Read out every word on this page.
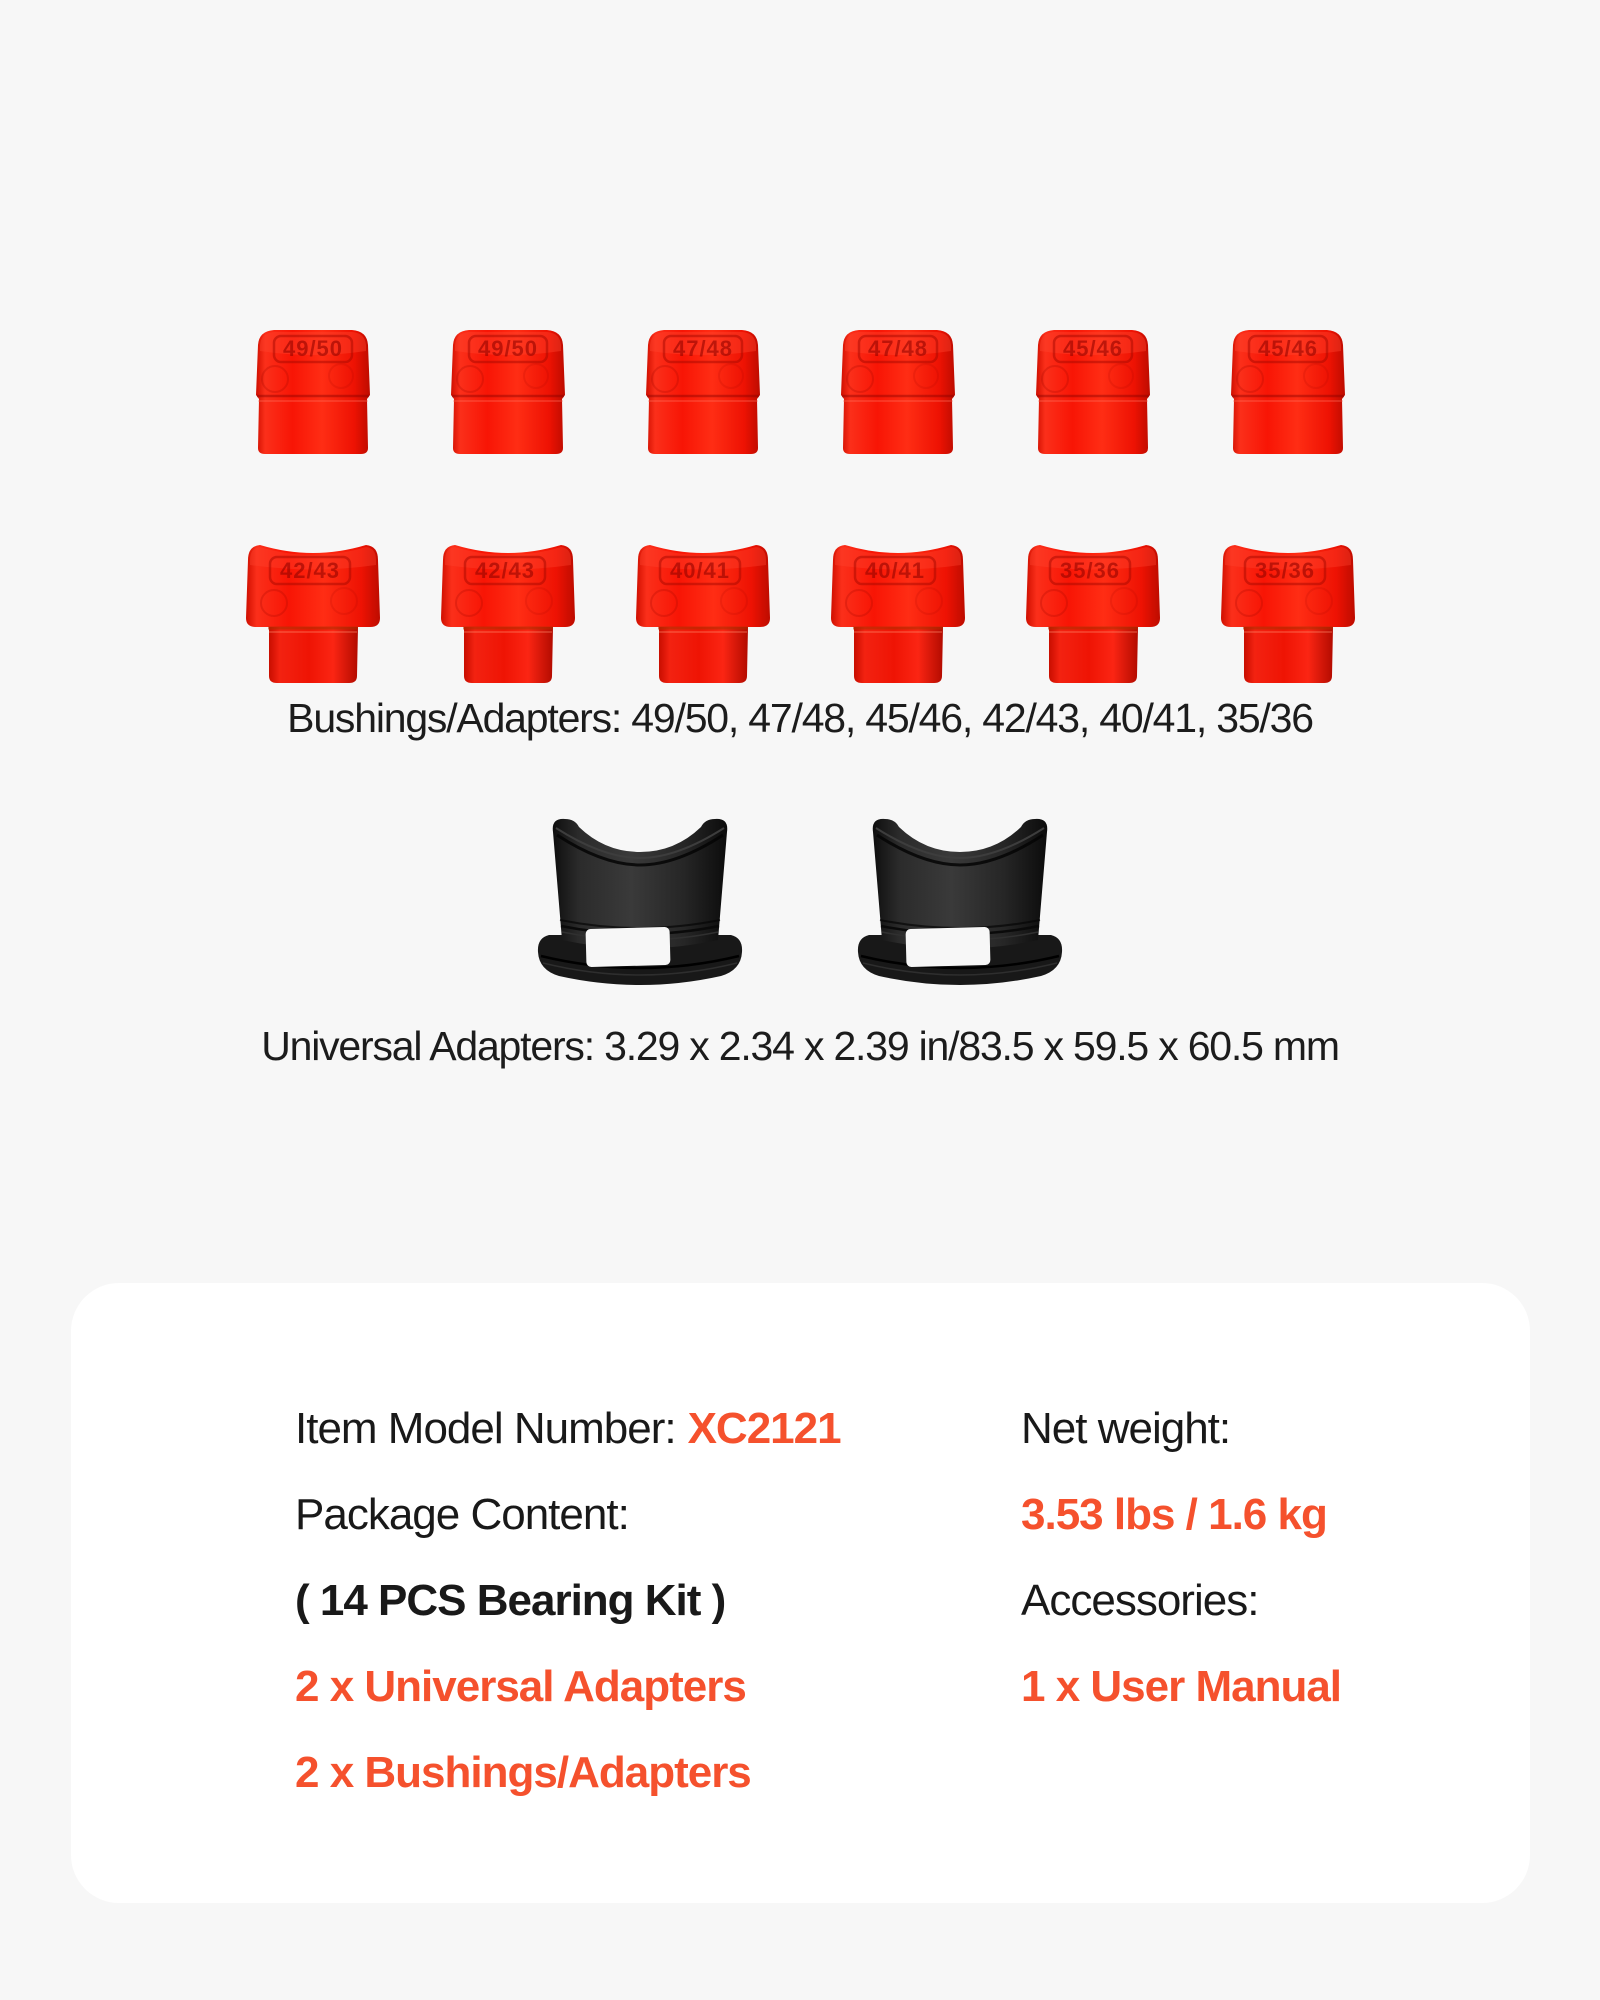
49/50	49/50	47/48	47/48	45/46	45/46
42/43	42/43	40/41	40/41	35/36	35/36
Bushings/Adapters: 49/50, 47/48, 45/46, 42/43, 40/41, 35/36
Universal Adapters: 3.29 x 2.34 x 2.39 in/83.5 x 59.5 x 60.5 mm
Item Model Number: XC2121
Package Content:
( 14 PCS Bearing Kit )
2 x Universal Adapters
2 x Bushings/Adapters
Net weight:
3.53 lbs / 1.6 kg
Accessories:
1 x User Manual
